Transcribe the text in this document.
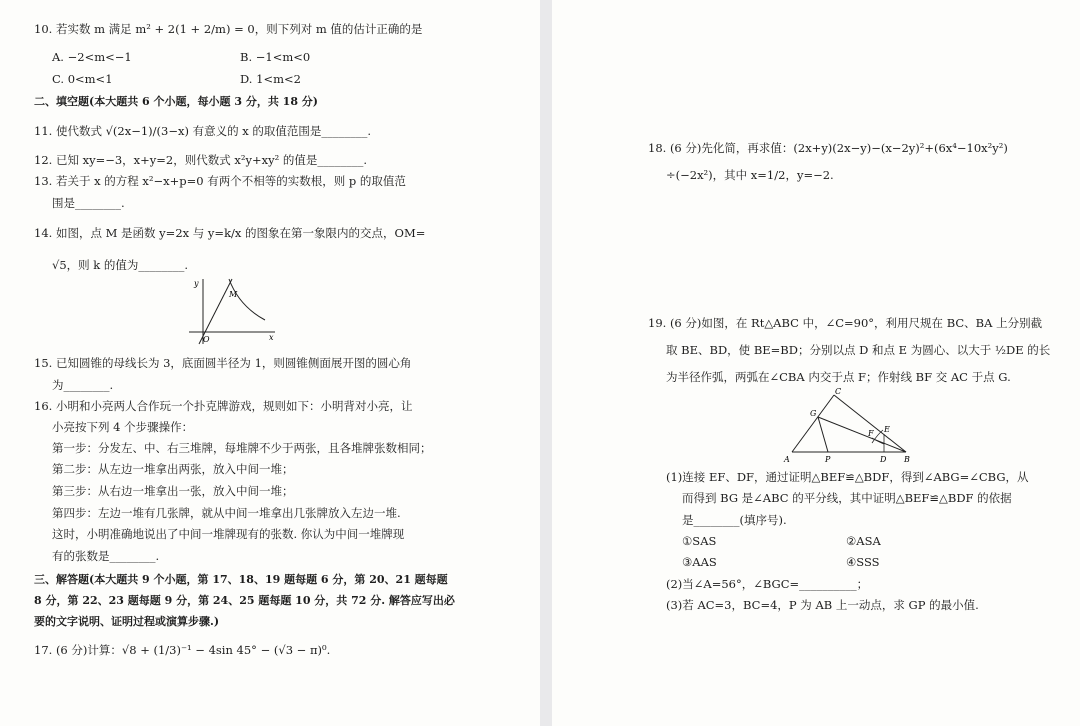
10. 若实数 m 满足 m² + 2(1 + 2/m) = 0，则下列对 m 值的估计正确的是
A. −2<m<−1	B. −1<m<0
C. 0<m<1	D. 1<m<2
二、填空题(本大题共 6 个小题，每小题 3 分，共 18 分)
11. 使代数式 √(2x−1)/(3−x) 有意义的 x 的取值范围是________.
12. 已知 xy=−3，x+y=2，则代数式 x²y+xy² 的值是________.
13. 若关于 x 的方程 x²−x+p=0 有两个不相等的实数根，则 p 的取值范
围是________.
14. 如图，点 M 是函数 y=2x 与 y=k/x 的图象在第一象限内的交点，OM=
√5，则 k 的值为________.
y
x
O
M
15. 已知圆锥的母线长为 3，底面圆半径为 1，则圆锥侧面展开图的圆心角
为________.
16. 小明和小亮两人合作玩一个扑克牌游戏，规则如下：小明背对小亮，让
小亮按下列 4 个步骤操作：
第一步：分发左、中、右三堆牌，每堆牌不少于两张，且各堆牌张数相同；
第二步：从左边一堆拿出两张，放入中间一堆；
第三步：从右边一堆拿出一张，放入中间一堆；
第四步：左边一堆有几张牌，就从中间一堆拿出几张牌放入左边一堆.
这时，小明准确地说出了中间一堆牌现有的张数. 你认为中间一堆牌现
有的张数是________.
三、解答题(本大题共 9 个小题，第 17、18、19 题每题 6 分，第 20、21 题每题
8 分，第 22、23 题每题 9 分，第 24、25 题每题 10 分，共 72 分. 解答应写出必
要的文字说明、证明过程或演算步骤.)
17. (6 分)计算：√8 + (1/3)⁻¹ − 4sin 45° − (√3 − π)⁰.
18. (6 分)先化简，再求值：(2x+y)(2x−y)−(x−2y)²+(6x⁴−10x²y²)
÷(−2x²)，其中 x=1/2，y=−2.
19. (6 分)如图，在 Rt△ABC 中，∠C=90°，利用尺规在 BC、BA 上分别截
取 BE、BD，使 BE=BD；分别以点 D 和点 E 为圆心、以大于 ½DE 的长
为半径作弧，两弧在∠CBA 内交于点 F；作射线 BF 交 AC 于点 G.
A	B
C
D
E
F
G
P
(1)连接 EF、DF，通过证明△BEF≌△BDF，得到∠ABG=∠CBG，从
而得到 BG 是∠ABC 的平分线，其中证明△BEF≌△BDF 的依据
是________(填序号).
①SAS	②ASA
③AAS	④SSS
(2)当∠A=56°，∠BGC=__________；
(3)若 AC=3，BC=4，P 为 AB 上一动点，求 GP 的最小值.
